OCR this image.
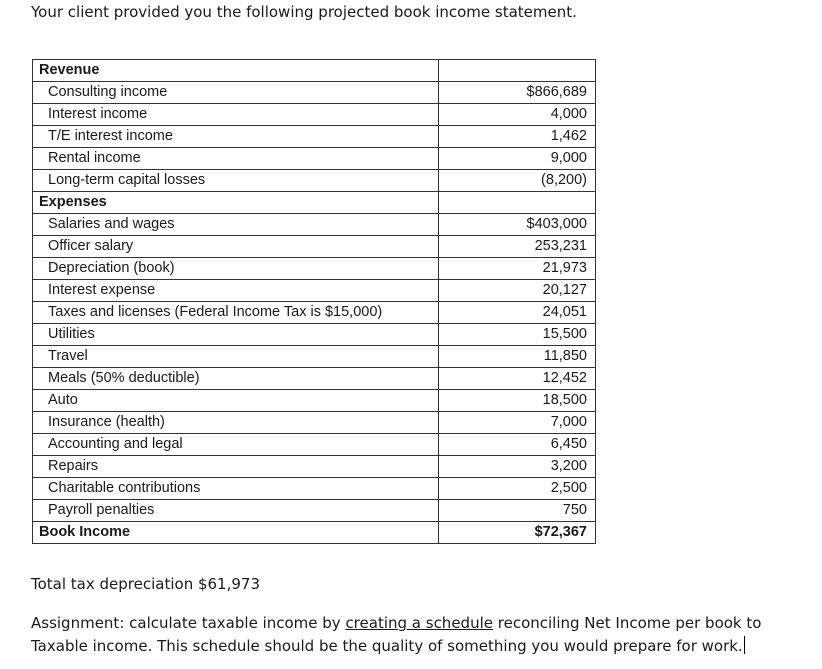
Your client provided you the following projected book income statement.

Revenue	
Consulting income	$866,689
Interest income	4,000
T/E interest income	1,462
Rental income	9,000
Long-term capital losses	(8,200)
Expenses	
Salaries and wages	$403,000
Officer salary	253,231
Depreciation (book)	21,973
Interest expense	20,127
Taxes and licenses (Federal Income Tax is $15,000)	24,051
Utilities	15,500
Travel	11,850
Meals (50% deductible)	12,452
Auto	18,500
Insurance (health)	7,000
Accounting and legal	6,450
Repairs	3,200
Charitable contributions	2,500
Payroll penalties	750
Book Income	$72,367

Total tax depreciation $61,973

Assignment: calculate taxable income by creating a schedule reconciling Net Income per book to Taxable income. This schedule should be the quality of something you would prepare for work.
